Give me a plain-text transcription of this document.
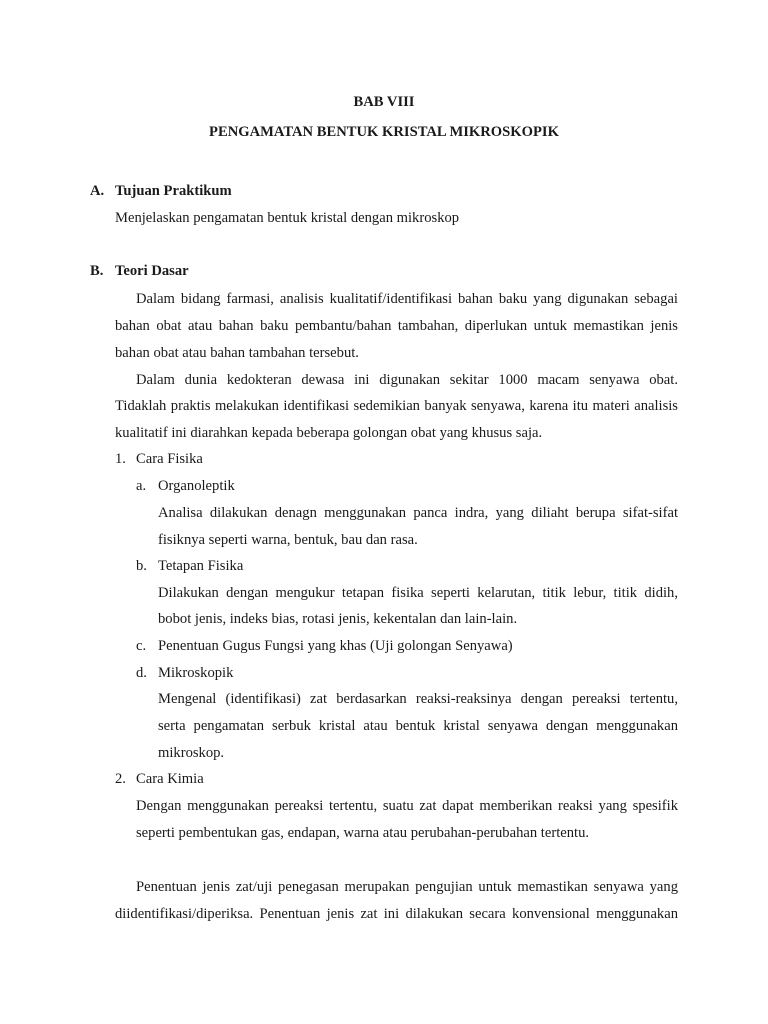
BAB VIII
PENGAMATAN BENTUK KRISTAL MIKROSKOPIK
A. Tujuan Praktikum
Menjelaskan pengamatan bentuk kristal dengan mikroskop
B. Teori Dasar
Dalam bidang farmasi, analisis kualitatif/identifikasi bahan baku yang digunakan sebagai
bahan obat atau bahan baku pembantu/bahan tambahan, diperlukan untuk memastikan jenis
bahan obat atau bahan tambahan tersebut.
Dalam dunia kedokteran dewasa ini digunakan sekitar 1000 macam senyawa obat.
Tidaklah praktis melakukan identifikasi sedemikian banyak senyawa, karena itu materi analisis
kualitatif ini diarahkan kepada beberapa golongan obat yang khusus saja.
1. Cara Fisika
a. Organoleptik
Analisa dilakukan denagn menggunakan panca indra, yang diliaht berupa sifat-sifat
fisiknya seperti warna, bentuk, bau dan rasa.
b. Tetapan Fisika
Dilakukan dengan mengukur tetapan fisika seperti kelarutan, titik lebur, titik didih,
bobot jenis, indeks bias, rotasi jenis, kekentalan dan lain-lain.
c. Penentuan Gugus Fungsi yang khas (Uji golongan Senyawa)
d. Mikroskopik
Mengenal (identifikasi) zat berdasarkan reaksi-reaksinya dengan pereaksi tertentu,
serta pengamatan serbuk kristal atau bentuk kristal senyawa dengan menggunakan
mikroskop.
2. Cara Kimia
Dengan menggunakan pereaksi tertentu, suatu zat dapat memberikan reaksi yang spesifik
seperti pembentukan gas, endapan, warna atau perubahan-perubahan tertentu.
Penentuan jenis zat/uji penegasan merupakan pengujian untuk memastikan senyawa yang
diidentifikasi/diperiksa. Penentuan jenis zat ini dilakukan secara konvensional menggunakan
